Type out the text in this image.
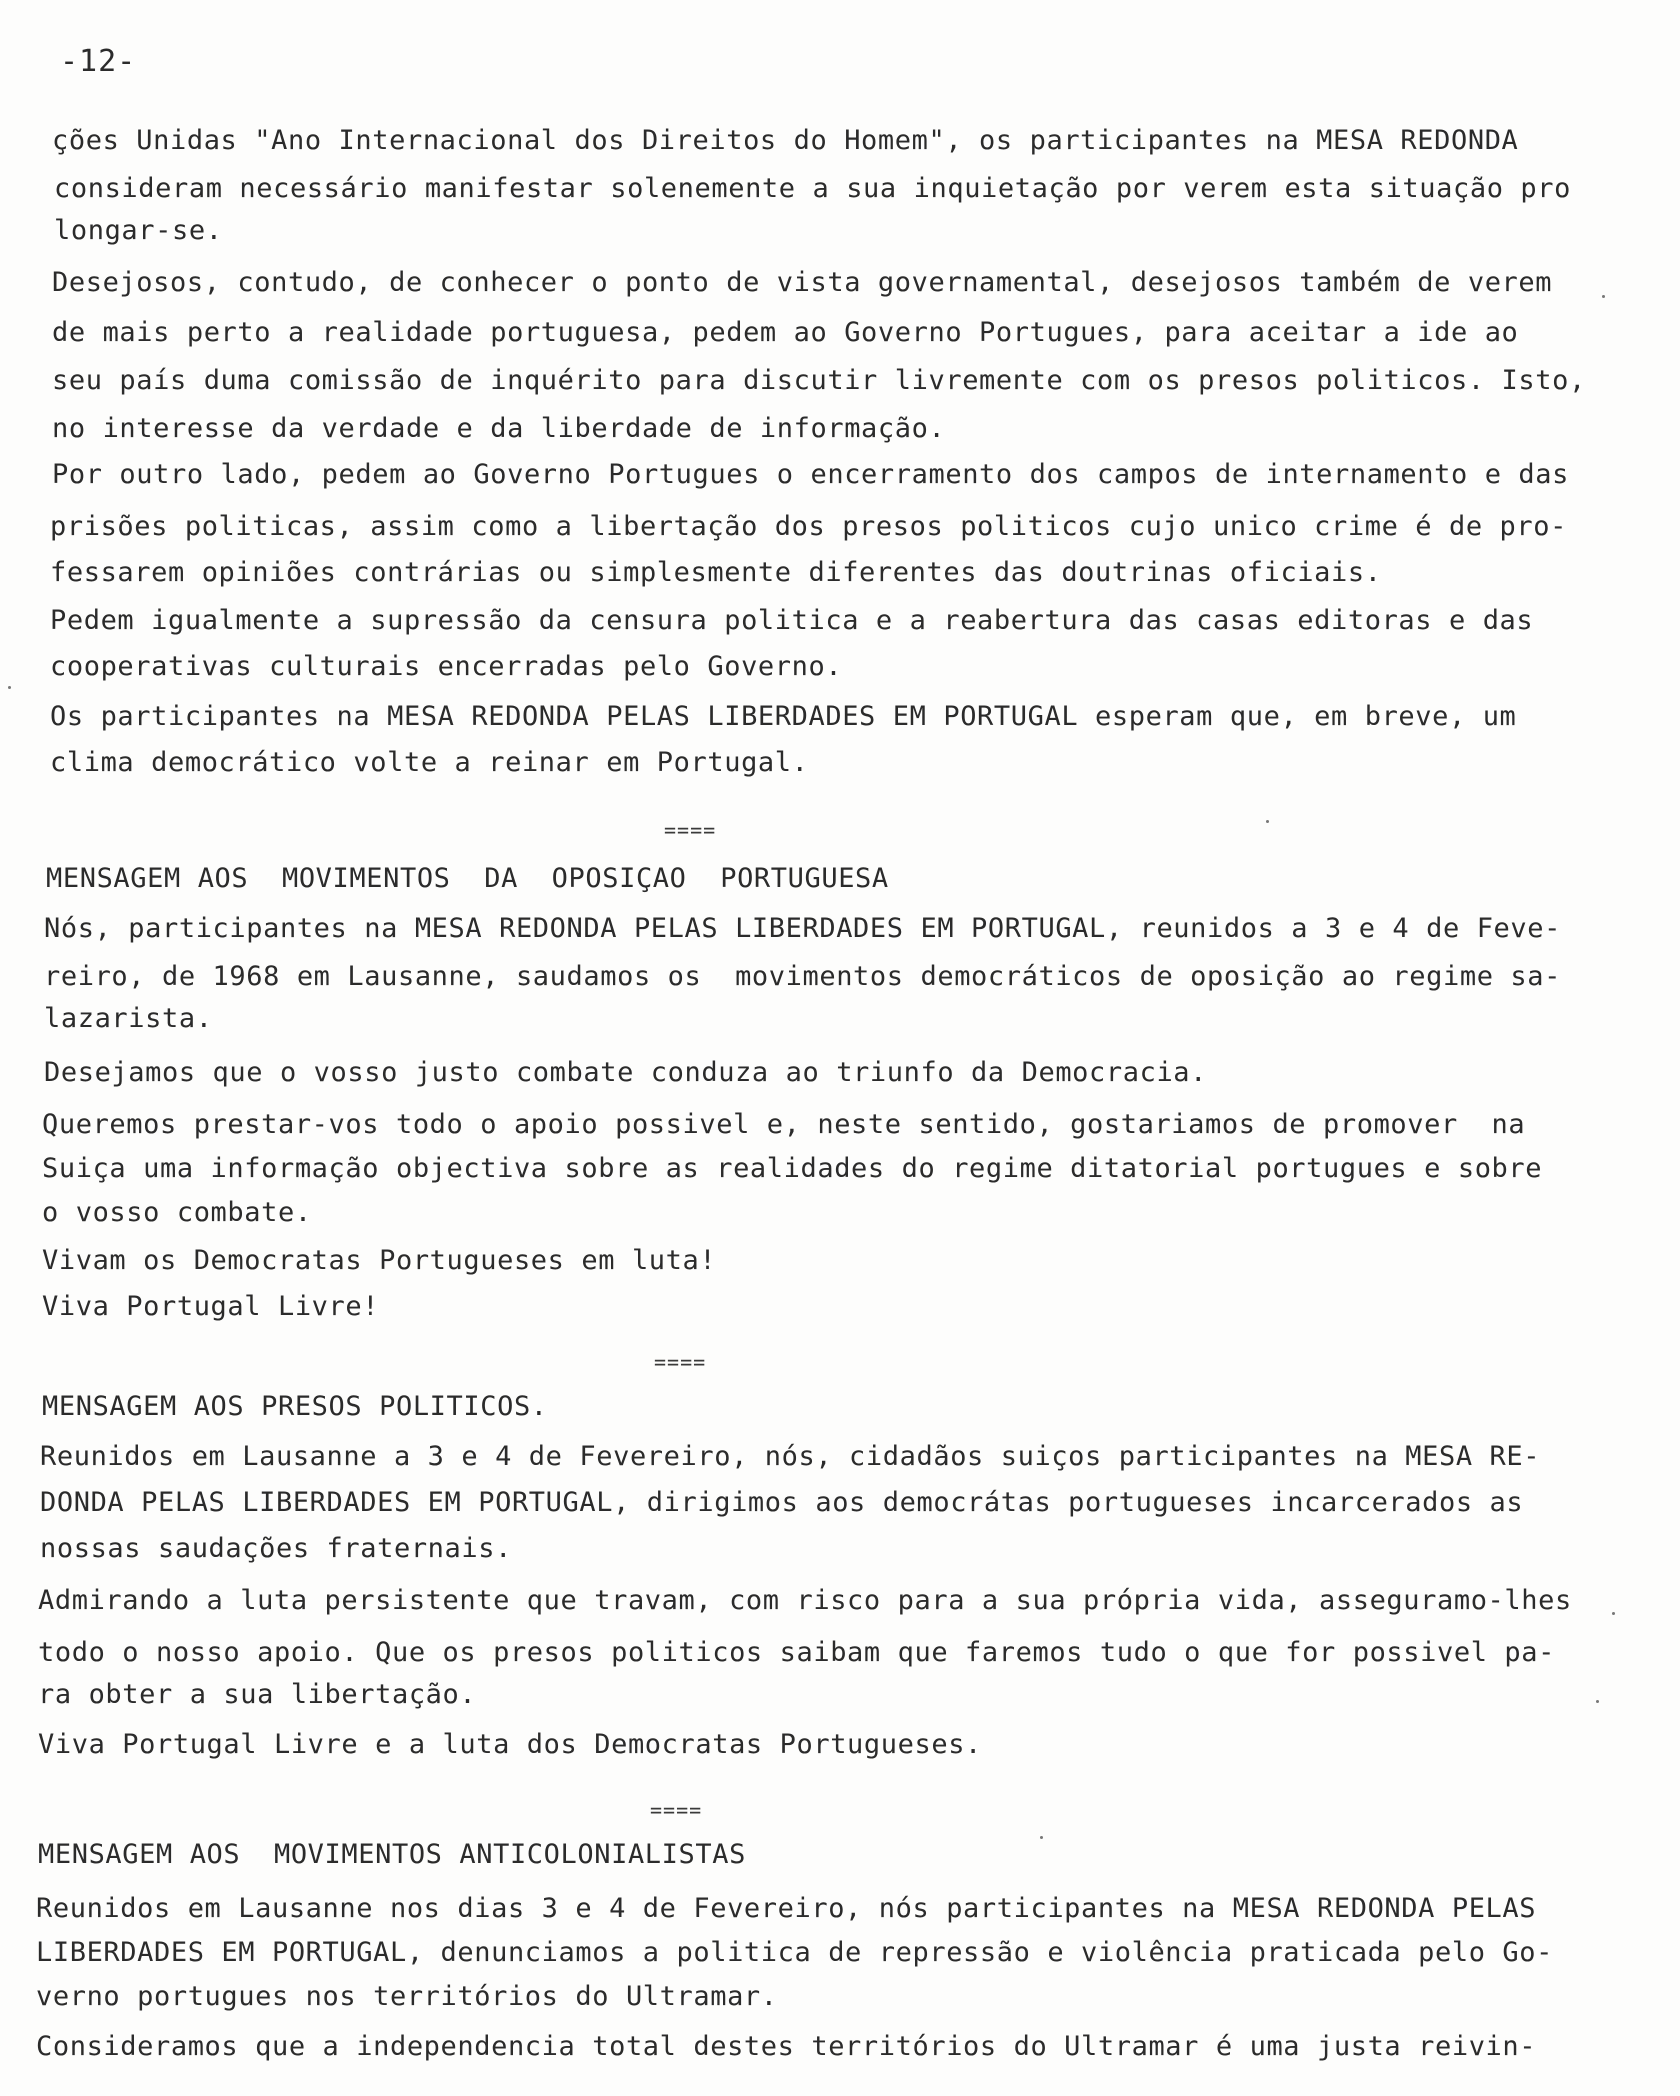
-12-
ções Unidas "Ano Internacional dos Direitos do Homem", os participantes na MESA REDONDA
consideram necessário manifestar solenemente a sua inquietação por verem esta situação pro
longar-se.
Desejosos, contudo, de conhecer o ponto de vista governamental, desejosos também de verem
de mais perto a realidade portuguesa, pedem ao Governo Portugues, para aceitar a ide ao
seu país duma comissão de inquérito para discutir livremente com os presos politicos. Isto,
no interesse da verdade e da liberdade de informação.
Por outro lado, pedem ao Governo Portugues o encerramento dos campos de internamento e das
prisões politicas, assim como a libertação dos presos politicos cujo unico crime é de pro-
fessarem opiniões contrárias ou simplesmente diferentes das doutrinas oficiais.
Pedem igualmente a supressão da censura politica e a reabertura das casas editoras e das
cooperativas culturais encerradas pelo Governo.
Os participantes na MESA REDONDA PELAS LIBERDADES EM PORTUGAL esperam que, em breve, um
clima democrático volte a reinar em Portugal.
====
MENSAGEM AOS  MOVIMENTOS  DA  OPOSIÇAO  PORTUGUESA
Nós, participantes na MESA REDONDA PELAS LIBERDADES EM PORTUGAL, reunidos a 3 e 4 de Feve-
reiro, de 1968 em Lausanne, saudamos os  movimentos democráticos de oposição ao regime sa-
lazarista.
Desejamos que o vosso justo combate conduza ao triunfo da Democracia.
Queremos prestar-vos todo o apoio possivel e, neste sentido, gostariamos de promover  na
Suiça uma informação objectiva sobre as realidades do regime ditatorial portugues e sobre
o vosso combate.
Vivam os Democratas Portugueses em luta!
Viva Portugal Livre!
====
MENSAGEM AOS PRESOS POLITICOS.
Reunidos em Lausanne a 3 e 4 de Fevereiro, nós, cidadãos suiços participantes na MESA RE-
DONDA PELAS LIBERDADES EM PORTUGAL, dirigimos aos democrátas portugueses incarcerados as
nossas saudações fraternais.
Admirando a luta persistente que travam, com risco para a sua própria vida, asseguramo-lhes
todo o nosso apoio. Que os presos politicos saibam que faremos tudo o que for possivel pa-
ra obter a sua libertação.
Viva Portugal Livre e a luta dos Democratas Portugueses.
====
MENSAGEM AOS  MOVIMENTOS ANTICOLONIALISTAS
Reunidos em Lausanne nos dias 3 e 4 de Fevereiro, nós participantes na MESA REDONDA PELAS
LIBERDADES EM PORTUGAL, denunciamos a politica de repressão e violência praticada pelo Go-
verno portugues nos territórios do Ultramar.
Consideramos que a independencia total destes territórios do Ultramar é uma justa reivin-
